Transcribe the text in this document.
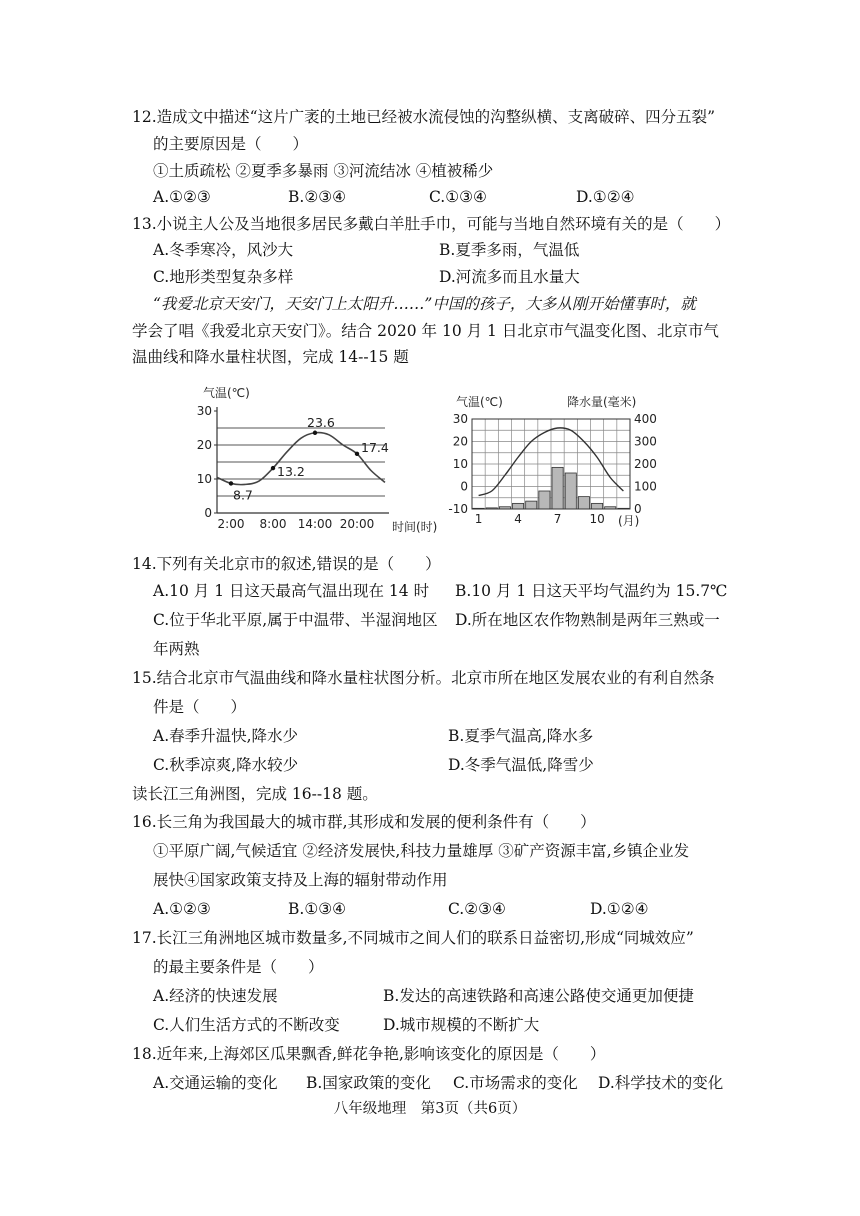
12.造成文中描述“这片广袤的土地已经被水流侵蚀的沟整纵横、支离破碎、四分五裂”
的主要原因是（　　）
①土质疏松 ②夏季多暴雨 ③河流结冰 ④植被稀少
A.①②③	B.②③④	C.①③④	D.①②④
13.小说主人公及当地很多居民多戴白羊肚手巾，可能与当地自然环境有关的是（　　）
A.冬季寒冷，风沙大	B.夏季多雨，气温低
C.地形类型复杂多样	D.河流多而且水量大
“我爱北京天安门，天安门上太阳升……”中国的孩子，大多从刚开始懂事时，就
学会了唱《我爱北京天安门》。结合 2020 年 10 月 1 日北京市气温变化图、北京市气
温曲线和降水量柱状图，完成 14--15 题
0
10
20
30
2:00 8:00 14:00 20:00
8.7
13.2
23.6
17.4
气温(℃)
时间(时)
-10
0
10
20
30
0
100
200
300
400
1	4	7 10
气温(℃)	降水量(毫米)
(月)
14.下列有关北京市的叙述,错误的是（　　）
A.10 月 1 日这天最高气温出现在 14 时 B.10 月 1 日这天平均气温约为 15.7℃
C.位于华北平原,属于中温带、半湿润地区 D.所在地区农作物熟制是两年三熟或一
年两熟
15.结合北京市气温曲线和降水量柱状图分析。北京市所在地区发展农业的有利自然条
件是（　　）
A.春季升温快,降水少	B.夏季气温高,降水多
C.秋季凉爽,降水较少	D.冬季气温低,降雪少
读长江三角洲图，完成 16--18 题。
16.长三角为我国最大的城市群,其形成和发展的便利条件有（　　）
①平原广阔,气候适宜 ②经济发展快,科技力量雄厚 ③矿产资源丰富,乡镇企业发
展快④国家政策支持及上海的辐射带动作用
A.①②③	B.①③④	C.②③④	D.①②④
17.长江三角洲地区城市数量多,不同城市之间人们的联系日益密切,形成“同城效应”
的最主要条件是（　　）
A.经济的快速发展	B.发达的高速铁路和高速公路使交通更加便捷
C.人们生活方式的不断改变	D.城市规模的不断扩大
18.近年来,上海郊区瓜果飘香,鲜花争艳,影响该变化的原因是（　　）
A.交通运输的变化 B.国家政策的变化 C.市场需求的变化 D.科学技术的变化
八年级地理　第3页（共6页）
